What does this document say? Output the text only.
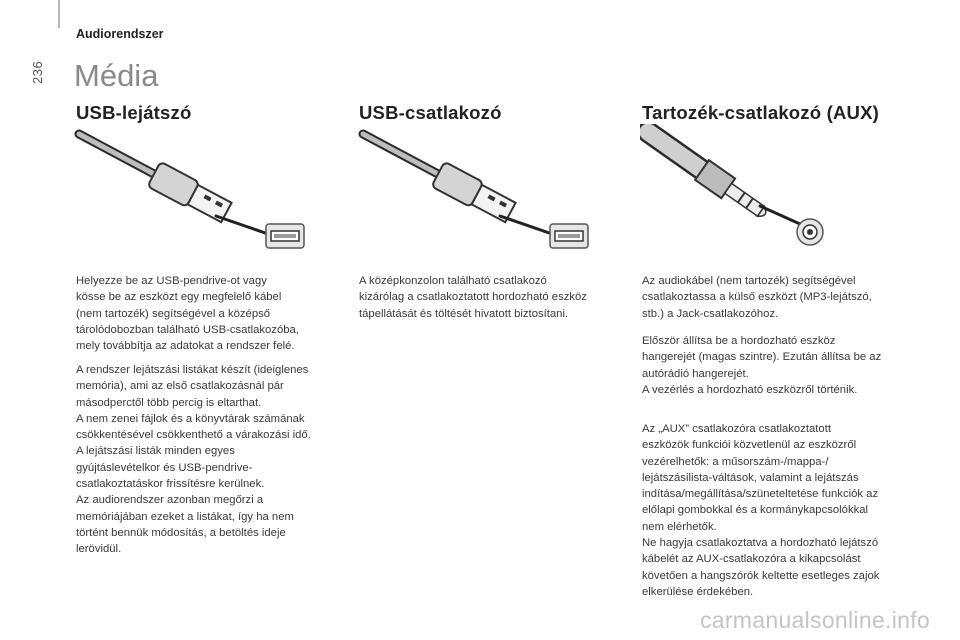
236
Audiorendszer
Média
USB-lejátszó	USB-csatlakozó	Tartozék-csatlakozó (AUX)
Helyezze be az USB-pendrive-ot vagy
kösse be az eszközt egy megfelelő kábel
(nem tartozék) segítségével a középső
tárolódobozban található USB-csatlakozóba,
mely továbbítja az adatokat a rendszer felé.
A rendszer lejátszási listákat készít (ideiglenes
memória), ami az első csatlakozásnál pár
másodperctől több percig is eltarthat.
A nem zenei fájlok és a könyvtárak számának
csökkentésével csökkenthető a várakozási idő.
A lejátszási listák minden egyes
gyújtáslevételkor és USB-pendrive-
csatlakoztatáskor frissítésre kerülnek.
Az audiorendszer azonban megőrzi a
memóriájában ezeket a listákat, így ha nem
történt bennük módosítás, a betöltés ideje
lerövidül.
A középkonzolon található csatlakozó
kizárólag a csatlakoztatott hordozható eszköz
tápellátását és töltését hivatott biztosítani.
Az audiokábel (nem tartozék) segítségével
csatlakoztassa a külső eszközt (MP3-lejátszó,
stb.) a Jack-csatlakozóhoz.
Először állítsa be a hordozható eszköz
hangerejét (magas szintre). Ezután állítsa be az
autórádió hangerejét.
A vezérlés a hordozható eszközről történik.
Az „AUX” csatlakozóra csatlakoztatott
eszközök funkciói közvetlenül az eszközről
vezérelhetők: a műsorszám-/mappa-/
lejátszásilista-váltások, valamint a lejátszás
indítása/megállítása/szüneteltetése funkciók az
előlapi gombokkal és a kormánykapcsolókkal
nem elérhetők.
Ne hagyja csatlakoztatva a hordozható lejátszó
kábelét az AUX-csatlakozóra a kikapcsolást
követően a hangszórók keltette esetleges zajok
elkerülése érdekében.
carmanualsonline.info
